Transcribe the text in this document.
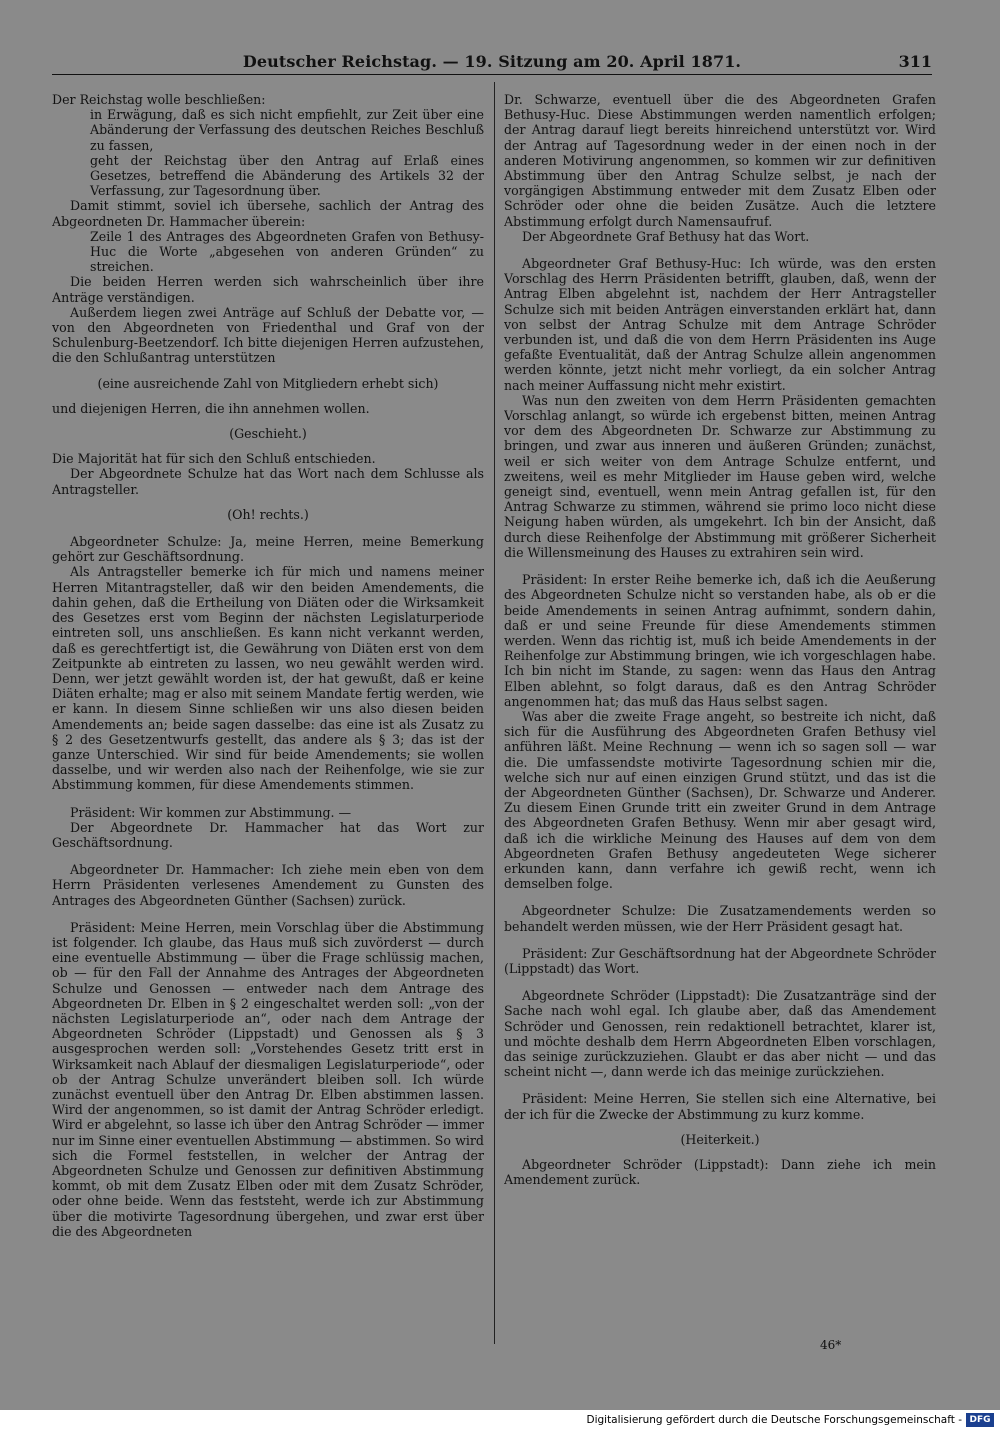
Deutscher Reichstag. — 19. Sitzung am 20. April 1871.	311

Der Reichstag wolle beschließen:

in Erwägung, daß es sich nicht empfiehlt, zur Zeit über eine Abänderung der Verfassung des deutschen Reiches Beschluß zu fassen,

geht der Reichstag über den Antrag auf Erlaß eines Gesetzes, betreffend die Abänderung des Artikels 32 der Verfassung, zur Tagesordnung über.

Damit stimmt, soviel ich übersehe, sachlich der Antrag des Abgeordneten Dr. Hammacher überein:

Zeile 1 des Antrages des Abgeordneten Grafen von Bethusy-Huc die Worte „abgesehen von anderen Gründen“ zu streichen.

Die beiden Herren werden sich wahrscheinlich über ihre Anträge verständigen.

Außerdem liegen zwei Anträge auf Schluß der Debatte vor, — von den Abgeordneten von Friedenthal und Graf von der Schulenburg-Beetzendorf. Ich bitte diejenigen Herren aufzustehen, die den Schlußantrag unterstützen

(eine ausreichende Zahl von Mitgliedern erhebt sich)

und diejenigen Herren, die ihn annehmen wollen.

(Geschieht.)

Die Majorität hat für sich den Schluß entschieden.

Der Abgeordnete Schulze hat das Wort nach dem Schlusse als Antragsteller.

(Oh! rechts.)

Abgeordneter Schulze: Ja, meine Herren, meine Bemerkung gehört zur Geschäftsordnung.

Als Antragsteller bemerke ich für mich und namens meiner Herren Mitantragsteller, daß wir den beiden Amendements, die dahin gehen, daß die Ertheilung von Diäten oder die Wirksamkeit des Gesetzes erst vom Beginn der nächsten Legislaturperiode eintreten soll, uns anschließen. Es kann nicht verkannt werden, daß es gerechtfertigt ist, die Gewährung von Diäten erst von dem Zeitpunkte ab eintreten zu lassen, wo neu gewählt werden wird. Denn, wer jetzt gewählt worden ist, der hat gewußt, daß er keine Diäten erhalte; mag er also mit seinem Mandate fertig werden, wie er kann. In diesem Sinne schließen wir uns also diesen beiden Amendements an; beide sagen dasselbe: das eine ist als Zusatz zu § 2 des Gesetzentwurfs gestellt, das andere als § 3; das ist der ganze Unterschied. Wir sind für beide Amendements; sie wollen dasselbe, und wir werden also nach der Reihenfolge, wie sie zur Abstimmung kommen, für diese Amendements stimmen.

Präsident: Wir kommen zur Abstimmung. —

Der Abgeordnete Dr. Hammacher hat das Wort zur Geschäftsordnung.

Abgeordneter Dr. Hammacher: Ich ziehe mein eben von dem Herrn Präsidenten verlesenes Amendement zu Gunsten des Antrages des Abgeordneten Günther (Sachsen) zurück.

Präsident: Meine Herren, mein Vorschlag über die Abstimmung ist folgender. Ich glaube, das Haus muß sich zuvörderst — durch eine eventuelle Abstimmung — über die Frage schlüssig machen, ob — für den Fall der Annahme des Antrages der Abgeordneten Schulze und Genossen — entweder nach dem Antrage des Abgeordneten Dr. Elben in § 2 eingeschaltet werden soll: „von der nächsten Legislaturperiode an“, oder nach dem Antrage der Abgeordneten Schröder (Lippstadt) und Genossen als § 3 ausgesprochen werden soll: „Vorstehendes Gesetz tritt erst in Wirksamkeit nach Ablauf der diesmaligen Legislaturperiode“, oder ob der Antrag Schulze unverändert bleiben soll. Ich würde zunächst eventuell über den Antrag Dr. Elben abstimmen lassen. Wird der angenommen, so ist damit der Antrag Schröder erledigt. Wird er abgelehnt, so lasse ich über den Antrag Schröder — immer nur im Sinne einer eventuellen Abstimmung — abstimmen. So wird sich die Formel feststellen, in welcher der Antrag der Abgeordneten Schulze und Genossen zur definitiven Abstimmung kommt, ob mit dem Zusatz Elben oder mit dem Zusatz Schröder, oder ohne beide. Wenn das feststeht, werde ich zur Abstimmung über die motivirte Tagesordnung übergehen, und zwar erst über die des Abgeordneten

Dr. Schwarze, eventuell über die des Abgeordneten Grafen Bethusy-Huc. Diese Abstimmungen werden namentlich erfolgen; der Antrag darauf liegt bereits hinreichend unterstützt vor. Wird der Antrag auf Tagesordnung weder in der einen noch in der anderen Motivirung angenommen, so kommen wir zur definitiven Abstimmung über den Antrag Schulze selbst, je nach der vorgängigen Abstimmung entweder mit dem Zusatz Elben oder Schröder oder ohne die beiden Zusätze. Auch die letztere Abstimmung erfolgt durch Namensaufruf.

Der Abgeordnete Graf Bethusy hat das Wort.

Abgeordneter Graf Bethusy-Huc: Ich würde, was den ersten Vorschlag des Herrn Präsidenten betrifft, glauben, daß, wenn der Antrag Elben abgelehnt ist, nachdem der Herr Antragsteller Schulze sich mit beiden Anträgen einverstanden erklärt hat, dann von selbst der Antrag Schulze mit dem Antrage Schröder verbunden ist, und daß die von dem Herrn Präsidenten ins Auge gefaßte Eventualität, daß der Antrag Schulze allein angenommen werden könnte, jetzt nicht mehr vorliegt, da ein solcher Antrag nach meiner Auffassung nicht mehr existirt.

Was nun den zweiten von dem Herrn Präsidenten gemachten Vorschlag anlangt, so würde ich ergebenst bitten, meinen Antrag vor dem des Abgeordneten Dr. Schwarze zur Abstimmung zu bringen, und zwar aus inneren und äußeren Gründen; zunächst, weil er sich weiter von dem Antrage Schulze entfernt, und zweitens, weil es mehr Mitglieder im Hause geben wird, welche geneigt sind, eventuell, wenn mein Antrag gefallen ist, für den Antrag Schwarze zu stimmen, während sie primo loco nicht diese Neigung haben würden, als umgekehrt. Ich bin der Ansicht, daß durch diese Reihenfolge der Abstimmung mit größerer Sicherheit die Willensmeinung des Hauses zu extrahiren sein wird.

Präsident: In erster Reihe bemerke ich, daß ich die Aeußerung des Abgeordneten Schulze nicht so verstanden habe, als ob er die beide Amendements in seinen Antrag aufnimmt, sondern dahin, daß er und seine Freunde für diese Amendements stimmen werden. Wenn das richtig ist, muß ich beide Amendements in der Reihenfolge zur Abstimmung bringen, wie ich vorgeschlagen habe. Ich bin nicht im Stande, zu sagen: wenn das Haus den Antrag Elben ablehnt, so folgt daraus, daß es den Antrag Schröder angenommen hat; das muß das Haus selbst sagen.

Was aber die zweite Frage angeht, so bestreite ich nicht, daß sich für die Ausführung des Abgeordneten Grafen Bethusy viel anführen läßt. Meine Rechnung — wenn ich so sagen soll — war die. Die umfassendste motivirte Tagesordnung schien mir die, welche sich nur auf einen einzigen Grund stützt, und das ist die der Abgeordneten Günther (Sachsen), Dr. Schwarze und Anderer. Zu diesem Einen Grunde tritt ein zweiter Grund in dem Antrage des Abgeordneten Grafen Bethusy. Wenn mir aber gesagt wird, daß ich die wirkliche Meinung des Hauses auf dem von dem Abgeordneten Grafen Bethusy angedeuteten Wege sicherer erkunden kann, dann verfahre ich gewiß recht, wenn ich demselben folge.

Abgeordneter Schulze: Die Zusatzamendements werden so behandelt werden müssen, wie der Herr Präsident gesagt hat.

Präsident: Zur Geschäftsordnung hat der Abgeordnete Schröder (Lippstadt) das Wort.

Abgeordnete Schröder (Lippstadt): Die Zusatzanträge sind der Sache nach wohl egal. Ich glaube aber, daß das Amendement Schröder und Genossen, rein redaktionell betrachtet, klarer ist, und möchte deshalb dem Herrn Abgeordneten Elben vorschlagen, das seinige zurückzuziehen. Glaubt er das aber nicht — und das scheint nicht —, dann werde ich das meinige zurückziehen.

Präsident: Meine Herren, Sie stellen sich eine Alternative, bei der ich für die Zwecke der Abstimmung zu kurz komme.

(Heiterkeit.)

Abgeordneter Schröder (Lippstadt): Dann ziehe ich mein Amendement zurück.

46*
Digitalisierung gefördert durch die Deutsche Forschungsgemeinschaft - DFG
